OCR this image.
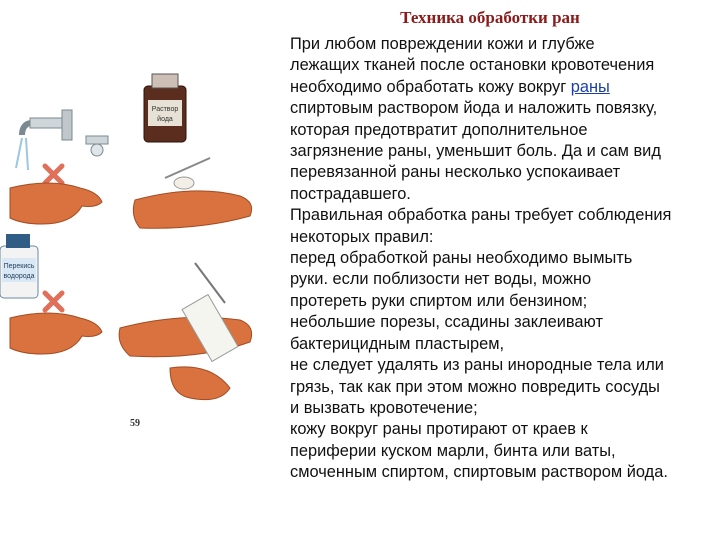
Техника обработки ран
Раствор
йода
Перекись
водорода
59

При любом повреждении кожи и глубже

лежащих тканей после остановки кровотечения

необходимо обработать кожу вокруг раны

спиртовым раствором йода и наложить повязку,

которая предотвратит дополнительное

загрязнение раны, уменьшит боль. Да и сам вид

перевязанной раны несколько успокаивает

пострадавшего.

Правильная обработка раны требует соблюдения

некоторых правил:

перед обработкой раны необходимо вымыть

руки. если поблизости нет воды, можно

протереть руки спиртом или бензином;

небольшие порезы, ссадины заклеивают

бактерицидным пластырем,

не следует удалять из раны инородные тела или

грязь, так как при этом можно повредить сосуды

и вызвать кровотечение;

кожу вокруг раны протирают от краев к

периферии куском марли, бинта или ваты,

смоченным спиртом, спиртовым раствором йода.
